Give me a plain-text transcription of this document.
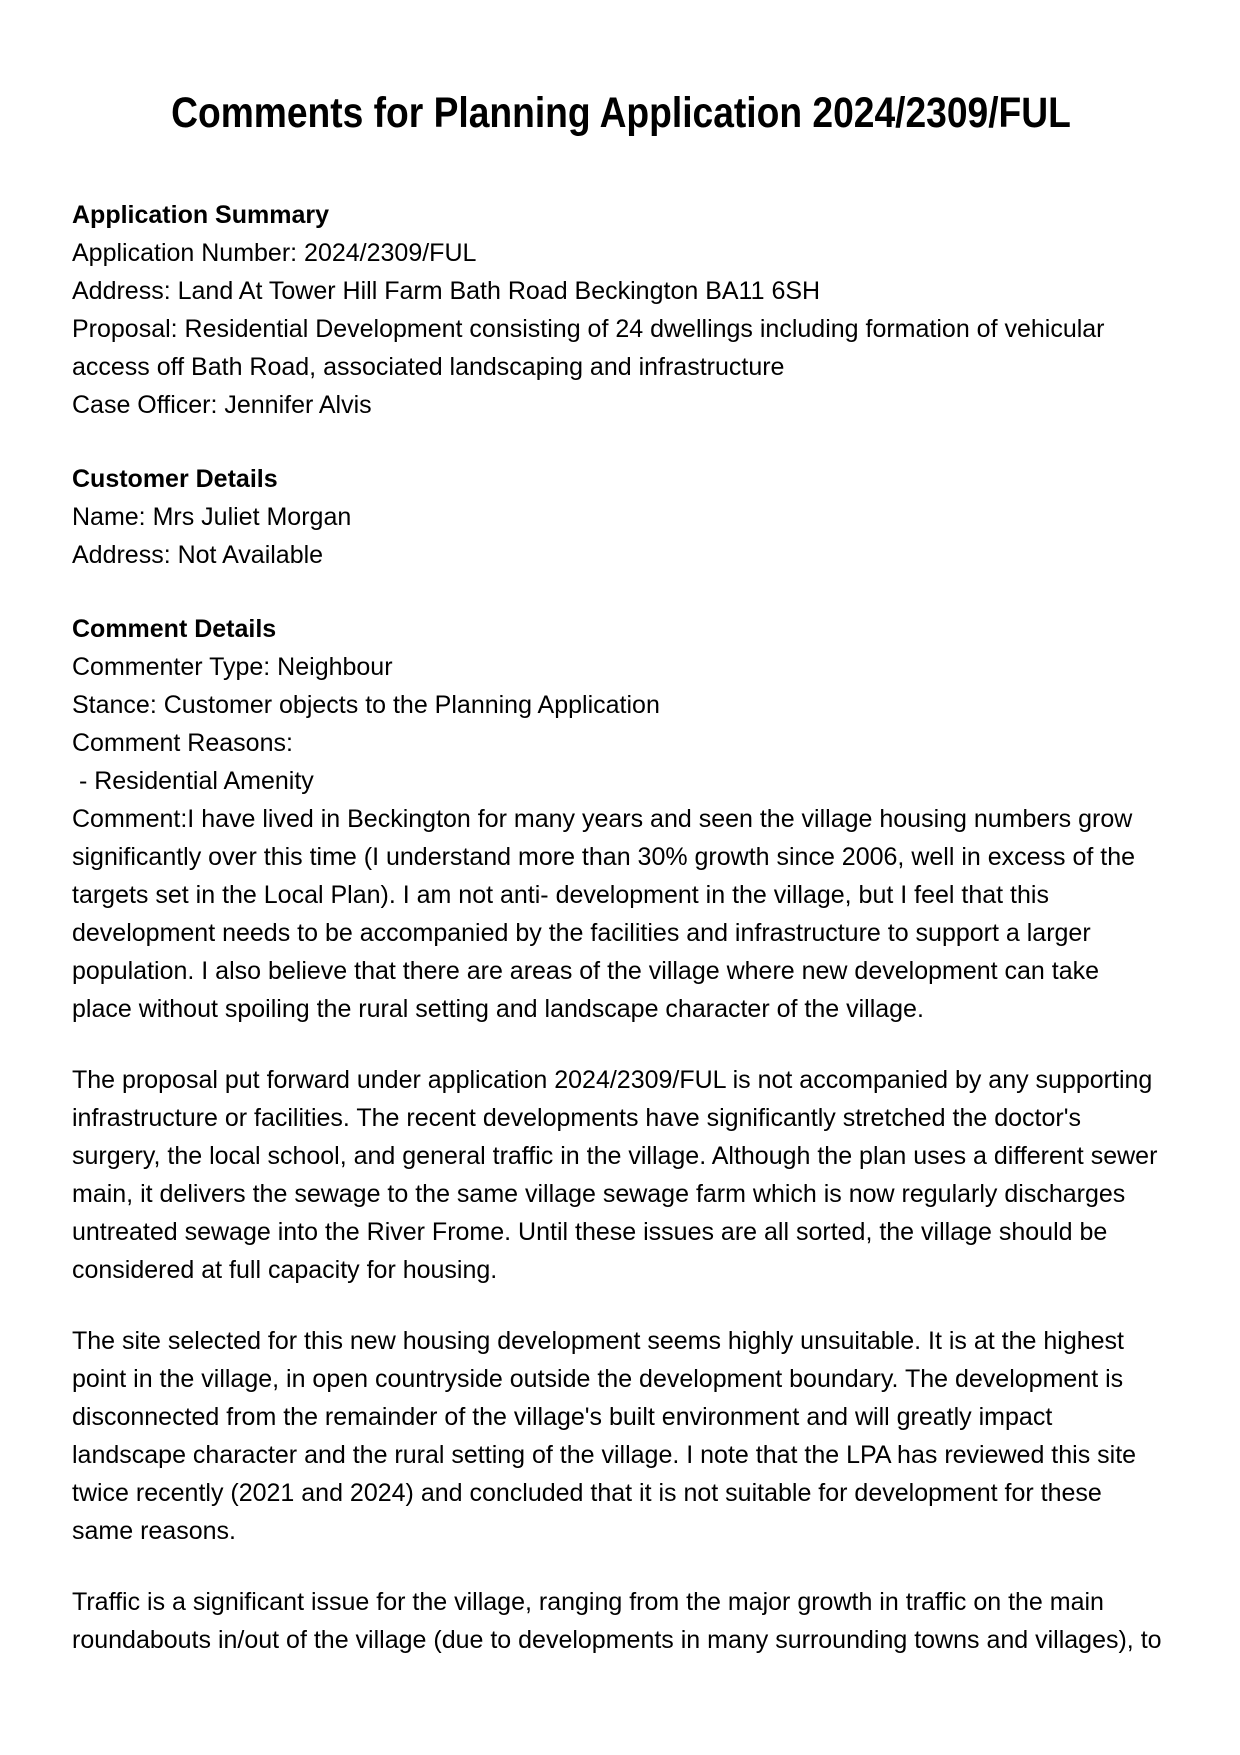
Comments for Planning Application 2024/2309/FUL
Application Summary
Application Number: 2024/2309/FUL
Address: Land At Tower Hill Farm Bath Road Beckington BA11 6SH
Proposal: Residential Development consisting of 24 dwellings including formation of vehicular
access off Bath Road, associated landscaping and infrastructure
Case Officer: Jennifer Alvis
Customer Details
Name: Mrs Juliet Morgan
Address: Not Available
Comment Details
Commenter Type: Neighbour
Stance: Customer objects to the Planning Application
Comment Reasons:
- Residential Amenity
Comment:I have lived in Beckington for many years and seen the village housing numbers grow
significantly over this time (I understand more than 30% growth since 2006, well in excess of the
targets set in the Local Plan). I am not anti- development in the village, but I feel that this
development needs to be accompanied by the facilities and infrastructure to support a larger
population. I also believe that there are areas of the village where new development can take
place without spoiling the rural setting and landscape character of the village.
The proposal put forward under application 2024/2309/FUL is not accompanied by any supporting
infrastructure or facilities. The recent developments have significantly stretched the doctor's
surgery, the local school, and general traffic in the village. Although the plan uses a different sewer
main, it delivers the sewage to the same village sewage farm which is now regularly discharges
untreated sewage into the River Frome. Until these issues are all sorted, the village should be
considered at full capacity for housing.
The site selected for this new housing development seems highly unsuitable. It is at the highest
point in the village, in open countryside outside the development boundary. The development is
disconnected from the remainder of the village's built environment and will greatly impact
landscape character and the rural setting of the village. I note that the LPA has reviewed this site
twice recently (2021 and 2024) and concluded that it is not suitable for development for these
same reasons.
Traffic is a significant issue for the village, ranging from the major growth in traffic on the main
roundabouts in/out of the village (due to developments in many surrounding towns and villages), to
